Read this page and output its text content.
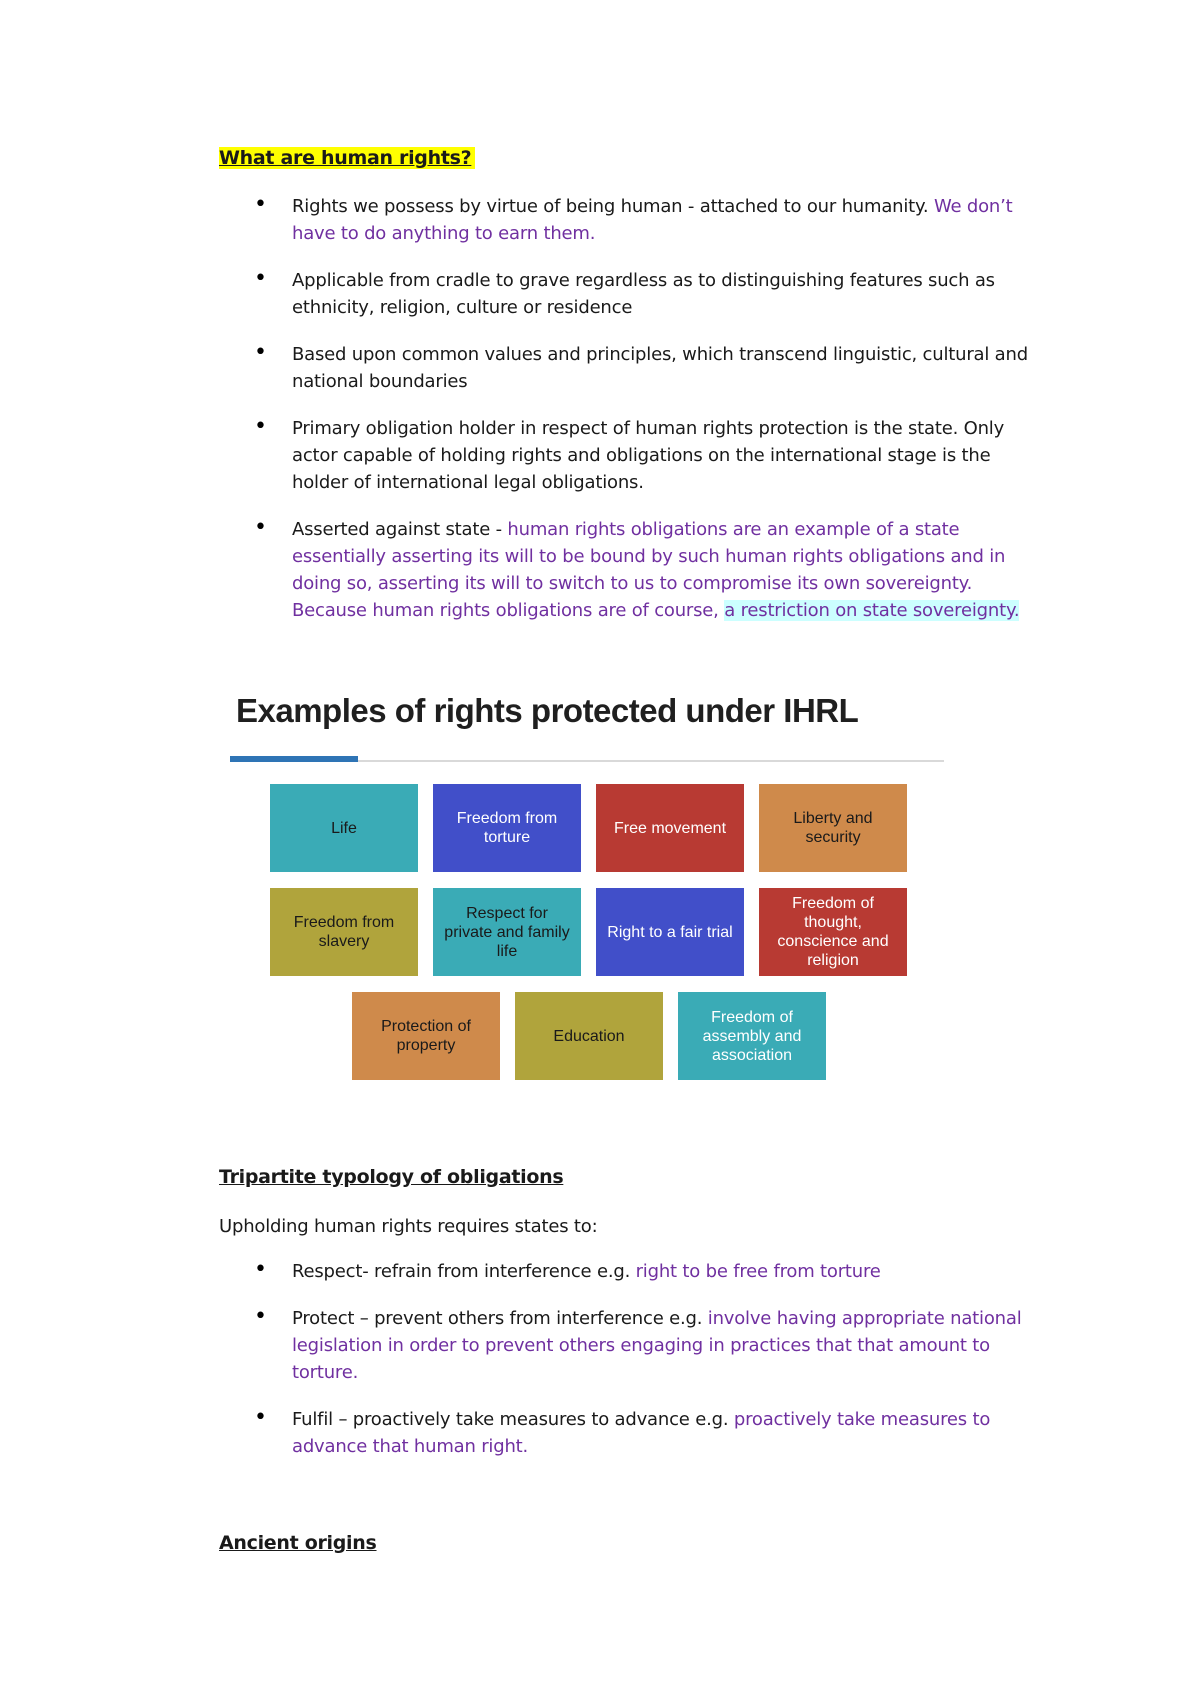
What are human rights?
• Rights we possess by virtue of being human - attached to our humanity. We don’t have to do anything to earn them.
• Applicable from cradle to grave regardless as to distinguishing features such as ethnicity, religion, culture or residence
• Based upon common values and principles, which transcend linguistic, cultural and national boundaries
• Primary obligation holder in respect of human rights protection is the state. Only actor capable of holding rights and obligations on the international stage is the holder of international legal obligations.
• Asserted against state - human rights obligations are an example of a state essentially asserting its will to be bound by such human rights obligations and in doing so, asserting its will to switch to us to compromise its own sovereignty. Because human rights obligations are of course, a restriction on state sovereignty.
Examples of rights protected under IHRL
Life
Freedom from torture
Free movement
Liberty and security
Freedom from slavery
Respect for private and family life
Right to a fair trial
Freedom of thought, conscience and religion
Protection of property
Education
Freedom of assembly and association
Tripartite typology of obligations
Upholding human rights requires states to:
• Respect- refrain from interference e.g. right to be free from torture
• Protect – prevent others from interference e.g. involve having appropriate national legislation in order to prevent others engaging in practices that that amount to torture.
• Fulfil – proactively take measures to advance e.g. proactively take measures to advance that human right.
Ancient origins
